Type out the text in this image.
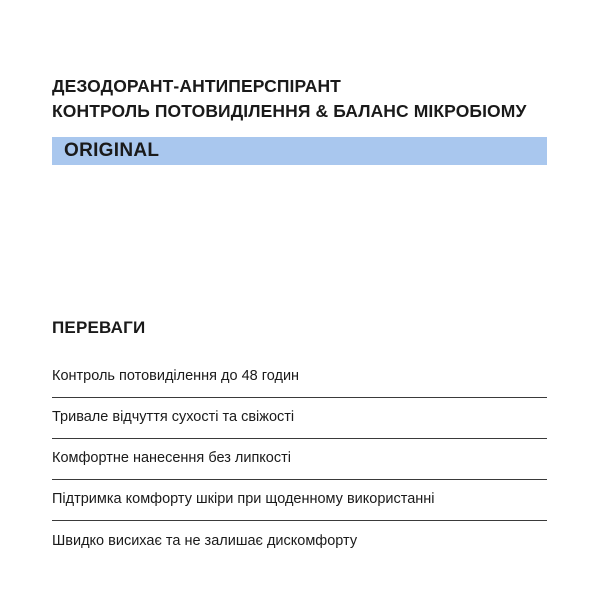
ДЕЗОДОРАНТ-АНТИПЕРСПІРАНТ
КОНТРОЛЬ ПОТОВИДІЛЕННЯ & БАЛАНС МІКРОБІОМУ
ORIGINAL
ПЕРЕВАГИ
Контроль потовиділення до 48 годин
Тривале відчуття сухості та свіжості
Комфортне нанесення без липкості
Підтримка комфорту шкіри при щоденному використанні
Швидко висихає та не залишає дискомфорту
